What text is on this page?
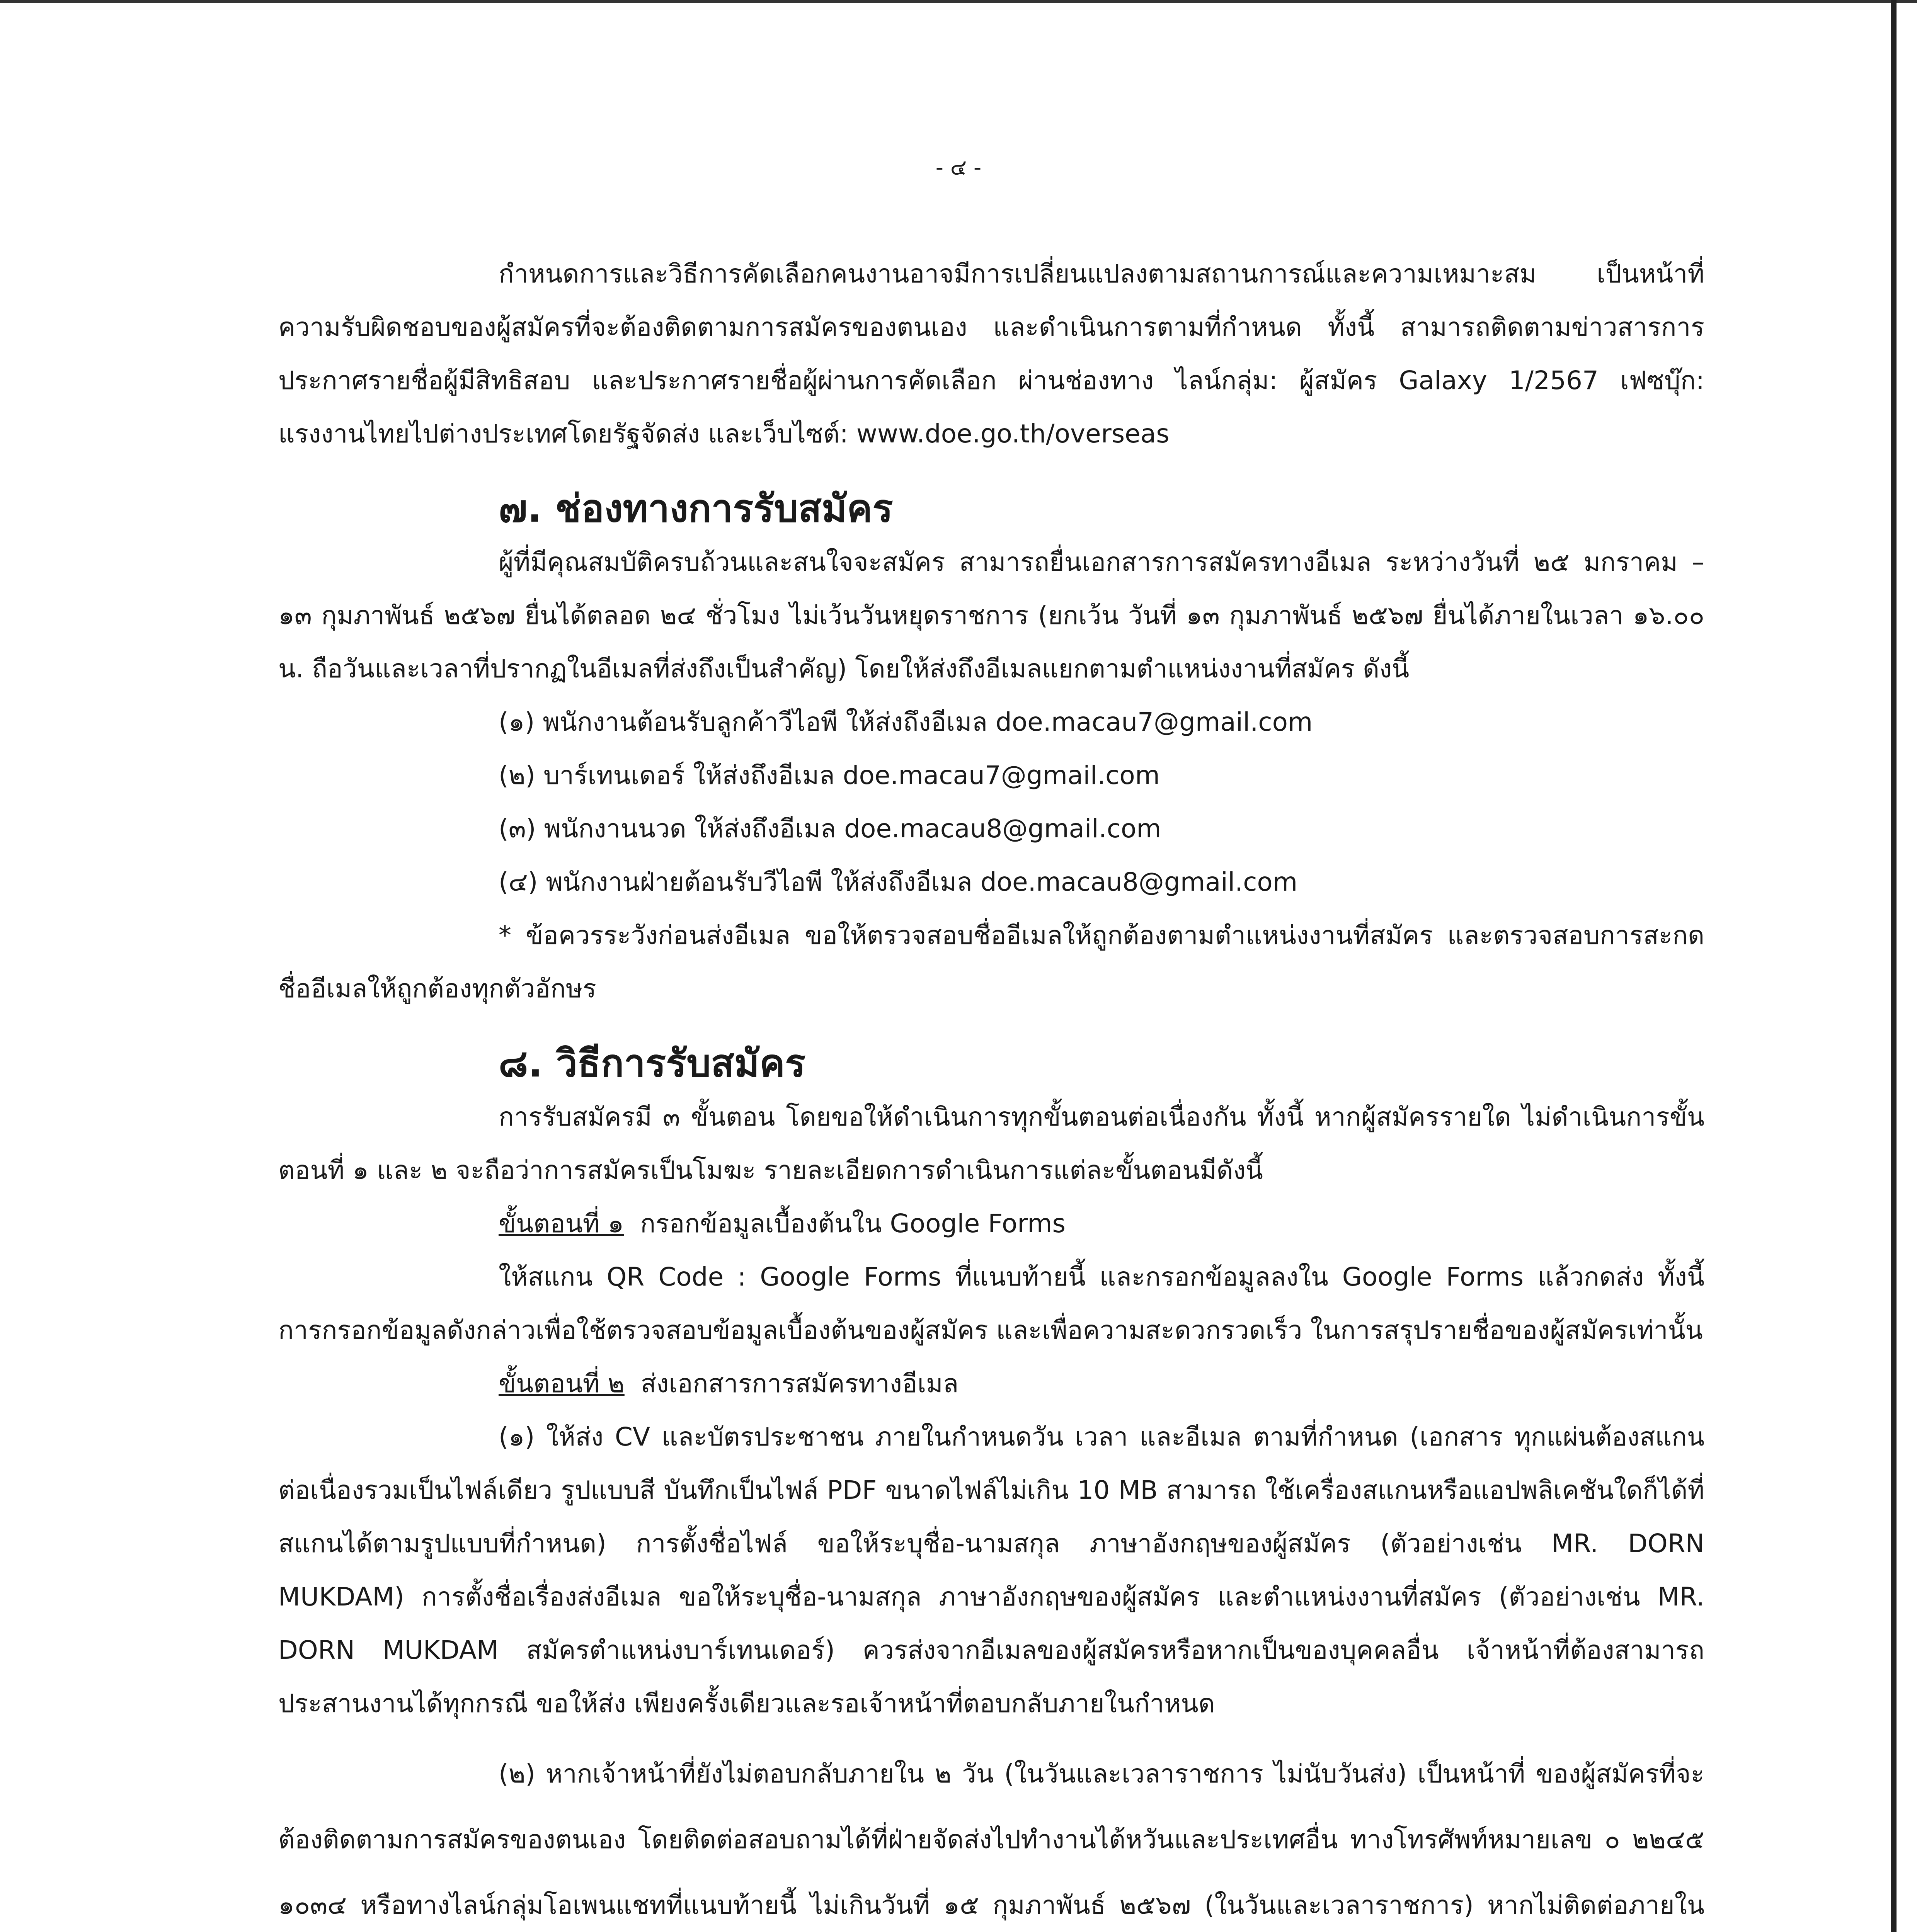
- ๔ -

กำหนดการและวิธีการคัดเลือกคนงานอาจมีการเปลี่ยนแปลงตามสถานการณ์และความเหมาะสม เป็นหน้าที่ความรับผิดชอบของผู้สมัครที่จะต้องติดตามการสมัครของตนเอง และดำเนินการตามที่กำหนด ทั้งนี้ สามารถติดตามข่าวสารการประกาศรายชื่อผู้มีสิทธิสอบ และประกาศรายชื่อผู้ผ่านการคัดเลือก ผ่านช่องทาง ไลน์กลุ่ม: ผู้สมัคร Galaxy 1/2567 เฟซบุ๊ก: แรงงานไทยไปต่างประเทศโดยรัฐจัดส่ง และเว็บไซต์: www.doe.go.th/overseas

๗. ช่องทางการรับสมัคร

ผู้ที่มีคุณสมบัติครบถ้วนและสนใจจะสมัคร สามารถยื่นเอกสารการสมัครทางอีเมล ระหว่างวันที่ ๒๕ มกราคม – ๑๓ กุมภาพันธ์ ๒๕๖๗ ยื่นได้ตลอด ๒๔ ชั่วโมง ไม่เว้นวันหยุดราชการ (ยกเว้น วันที่ ๑๓ กุมภาพันธ์ ๒๕๖๗ ยื่นได้ภายในเวลา ๑๖.๐๐ น. ถือวันและเวลาที่ปรากฏในอีเมลที่ส่งถึงเป็นสำคัญ) โดยให้ส่งถึงอีเมลแยกตามตำแหน่งงานที่สมัคร ดังนี้

(๑) พนักงานต้อนรับลูกค้าวีไอพี ให้ส่งถึงอีเมล doe.macau7@gmail.com

(๒) บาร์เทนเดอร์ ให้ส่งถึงอีเมล doe.macau7@gmail.com

(๓) พนักงานนวด ให้ส่งถึงอีเมล doe.macau8@gmail.com

(๔) พนักงานฝ่ายต้อนรับวีไอพี ให้ส่งถึงอีเมล doe.macau8@gmail.com

* ข้อควรระวังก่อนส่งอีเมล ขอให้ตรวจสอบชื่ออีเมลให้ถูกต้องตามตำแหน่งงานที่สมัคร และตรวจสอบการสะกดชื่ออีเมลให้ถูกต้องทุกตัวอักษร

๘. วิธีการรับสมัคร

การรับสมัครมี ๓ ขั้นตอน โดยขอให้ดำเนินการทุกขั้นตอนต่อเนื่องกัน ทั้งนี้ หากผู้สมัครรายใด ไม่ดำเนินการขั้นตอนที่ ๑ และ ๒ จะถือว่าการสมัครเป็นโมฆะ รายละเอียดการดำเนินการแต่ละขั้นตอนมีดังนี้

ขั้นตอนที่ ๑ กรอกข้อมูลเบื้องต้นใน Google Forms

ให้สแกน QR Code : Google Forms ที่แนบท้ายนี้ และกรอกข้อมูลลงใน Google Forms แล้วกดส่ง ทั้งนี้ การกรอกข้อมูลดังกล่าวเพื่อใช้ตรวจสอบข้อมูลเบื้องต้นของผู้สมัคร และเพื่อความสะดวกรวดเร็ว ในการสรุปรายชื่อของผู้สมัครเท่านั้น

ขั้นตอนที่ ๒ ส่งเอกสารการสมัครทางอีเมล

(๑) ให้ส่ง CV และบัตรประชาชน ภายในกำหนดวัน เวลา และอีเมล ตามที่กำหนด (เอกสาร ทุกแผ่นต้องสแกนต่อเนื่องรวมเป็นไฟล์เดียว รูปแบบสี บันทึกเป็นไฟล์ PDF ขนาดไฟล์ไม่เกิน 10 MB สามารถ ใช้เครื่องสแกนหรือแอปพลิเคชันใดก็ได้ที่สแกนได้ตามรูปแบบที่กำหนด) การตั้งชื่อไฟล์ ขอให้ระบุชื่อ-นามสกุล ภาษาอังกฤษของผู้สมัคร (ตัวอย่างเช่น MR. DORN MUKDAM) การตั้งชื่อเรื่องส่งอีเมล ขอให้ระบุชื่อ-นามสกุล ภาษาอังกฤษของผู้สมัคร และตำแหน่งงานที่สมัคร (ตัวอย่างเช่น MR. DORN MUKDAM สมัครตำแหน่งบาร์เทนเดอร์) ควรส่งจากอีเมลของผู้สมัครหรือหากเป็นของบุคคลอื่น เจ้าหน้าที่ต้องสามารถประสานงานได้ทุกกรณี ขอให้ส่ง เพียงครั้งเดียวและรอเจ้าหน้าที่ตอบกลับภายในกำหนด

(๒) หากเจ้าหน้าที่ยังไม่ตอบกลับภายใน ๒ วัน (ในวันและเวลาราชการ ไม่นับวันส่ง) เป็นหน้าที่ ของผู้สมัครที่จะต้องติดตามการสมัครของตนเอง โดยติดต่อสอบถามได้ที่ฝ่ายจัดส่งไปทำงานไต้หวันและประเทศอื่น ทางโทรศัพท์หมายเลข ๐ ๒๒๔๕ ๑๐๓๔ หรือทางไลน์กลุ่มโอเพนแชทที่แนบท้ายนี้ ไม่เกินวันที่ ๑๕ กุมภาพันธ์ ๒๕๖๗ (ในวันและเวลาราชการ) หากไม่ติดต่อภายใน
